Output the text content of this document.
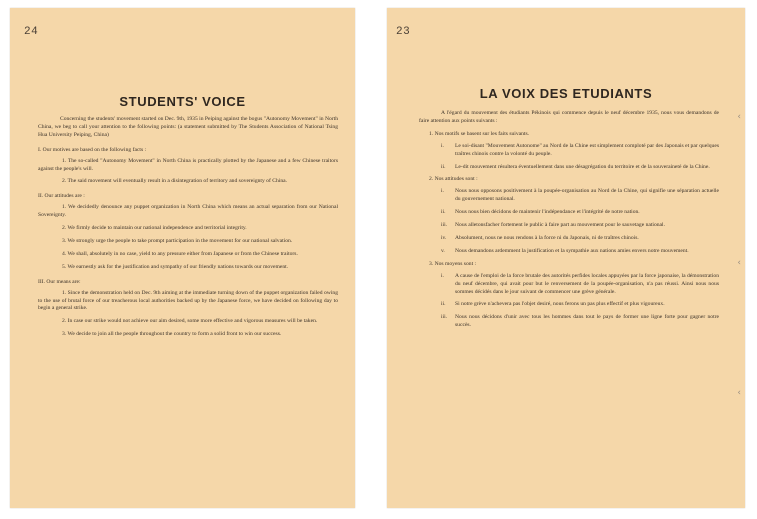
24
STUDENTS' VOICE

Concerning the students' movement started on Dec. 9th, 1935 in Peiping against the bogus "Autonomy Movement" in North China, we beg to call your attention to the following points: (a statement submitted by The Students Association of National Tsing Hua University Peiping, China)

I. Our motives are based on the following facts :

1. The so-called "Autonomy Movement" in North China is practically plotted by the Japanese and a few Chinese traitors against the people's will.

2. The said movement will eventually result in a disintegration of territory and sovereignty of China.

II. Our attitudes are :

1. We decidedly denounce any puppet organization in North China which means an actual separation from our National Sovereignty.

2. We firmly decide to maintain our national independence and territorial integrity.

3. We strongly urge the people to take prompt participation in the movement for our national salvation.

4. We shall, absolutely in no case, yield to any pressure either from Japanese or from the Chinese traitors.

5. We earnestly ask for the justification and sympathy of our friendly nations towards our movement.

III. Our means are:

1. Since the demonstration held on Dec. 9th aiming at the immediate turning down of the puppet organization failed owing to the use of brutal force of our treacherous local authorities backed up by the Japanese force, we have decided on following day to begin a general strike.

2. In case our strike would not achieve our aim desired, some more effective and vigorous measures will be taken.

3. We decide to join all the people throughout the country to form a solid front to win our success.

23
LA VOIX DES ETUDIANTS
‹
‹
‹

A l'égard du mouvement des étudiants Pékinois qui commence depuis le neuf décembre 1935, nous vous demandons de faire attention aux points suivants :

1. Nos motifs se basent sur les faits suivants.

i. Le soi-disant "Mouvement Autonome" au Nord de la Chine est simplement comploté par des Japonais et par quelques traîtres chinois contre la volonté du peuple.

ii. Le-dit mouvement résultera éventuellement dans une désagrégation du territoire et de la souveraineté de la Chine.

2. Nos attitudes sont :

i. Nous nous opposons positivement à la poupée-organisation au Nord de la Chine, qui signifie une séparation actuelle du gouvernement national.

ii. Nous nous bien décidons de maintenir l'indépendance et l'intégrité de notre nation.

iii. Nous alletonsfacher fortement le public à faire part au mouvement pour le sauvetage national.

iv. Absolument, nous ne nous rendons à la force ni du Japonais, ni de traîtres chinois.

v. Nous demandons ardemment la justification et la sympathie aux nations amies envers notre mouvement.

3. Nos moyens sont :

i. A cause de l'emploi de la force brutale des autorités perfides locales appuyées par la force japonaise, la démonstration du neuf décembre, qui avait pour but le renversement de la poupée-organisation, n'a pas réussi. Ainsi nous nous sommes décidés dans le jour suivant de commencer une grève générale.

ii. Si notre grève n'achevera pas l'objet desiré, nous ferons un pas plus effectif et plus vigoureux.

iii. Nous nous décidons d'unir avec tous les hommes dans tout le pays de former une ligne forte pour gagner notre succès.
